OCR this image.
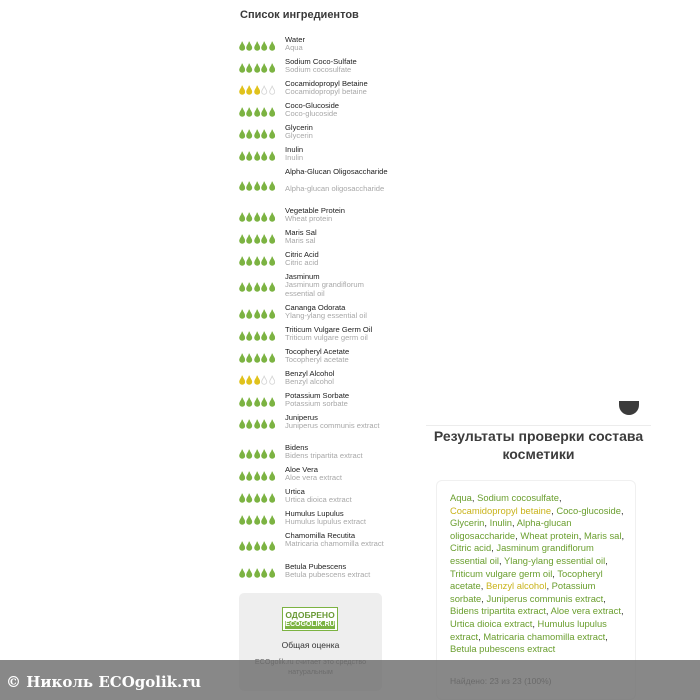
Список ингредиентов
Water
Aqua
Sodium Coco-Sulfate
Sodium cocosulfate
Cocamidopropyl Betaine
Cocamidopropyl betaine
Coco-Glucoside
Coco-glucoside
Glycerin
Glycerin
Inulin
Inulin
Alpha-Glucan Oligosaccharide
Alpha-glucan oligosaccharide
Vegetable Protein
Wheat protein
Maris Sal
Maris sal
Citric Acid
Citric acid
Jasminum
Jasminum grandiflorum essential oil
Cananga Odorata
Ylang-ylang essential oil
Triticum Vulgare Germ Oil
Triticum vulgare germ oil
Tocopheryl Acetate
Tocopheryl acetate
Benzyl Alcohol
Benzyl alcohol
Potassium Sorbate
Potassium sorbate
Juniperus
Juniperus communis extract
Bidens
Bidens tripartita extract
Aloe Vera
Aloe vera extract
Urtica
Urtica dioica extract
Humulus Lupulus
Humulus lupulus extract
Chamomilla Recutita
Matricaria chamomilla extract
Betula Pubescens
Betula pubescens extract
ОДОБРЕНО
ECOGOLIK.RU
Общая оценка
Результаты проверки состава косметики
Aqua, Sodium cocosulfate, Cocamidopropyl betaine, Coco-glucoside, Glycerin, Inulin, Alpha-glucan oligosaccharide, Wheat protein, Maris sal, Citric acid, Jasminum grandiflorum essential oil, Ylang-ylang essential oil, Triticum vulgare germ oil, Tocopheryl acetate, Benzyl alcohol, Potassium sorbate, Juniperus communis extract, Bidens tripartita extract, Aloe vera extract, Urtica dioica extract, Humulus lupulus extract, Matricaria chamomilla extract, Betula pubescens extract
© Николь ECOgolik.ru
